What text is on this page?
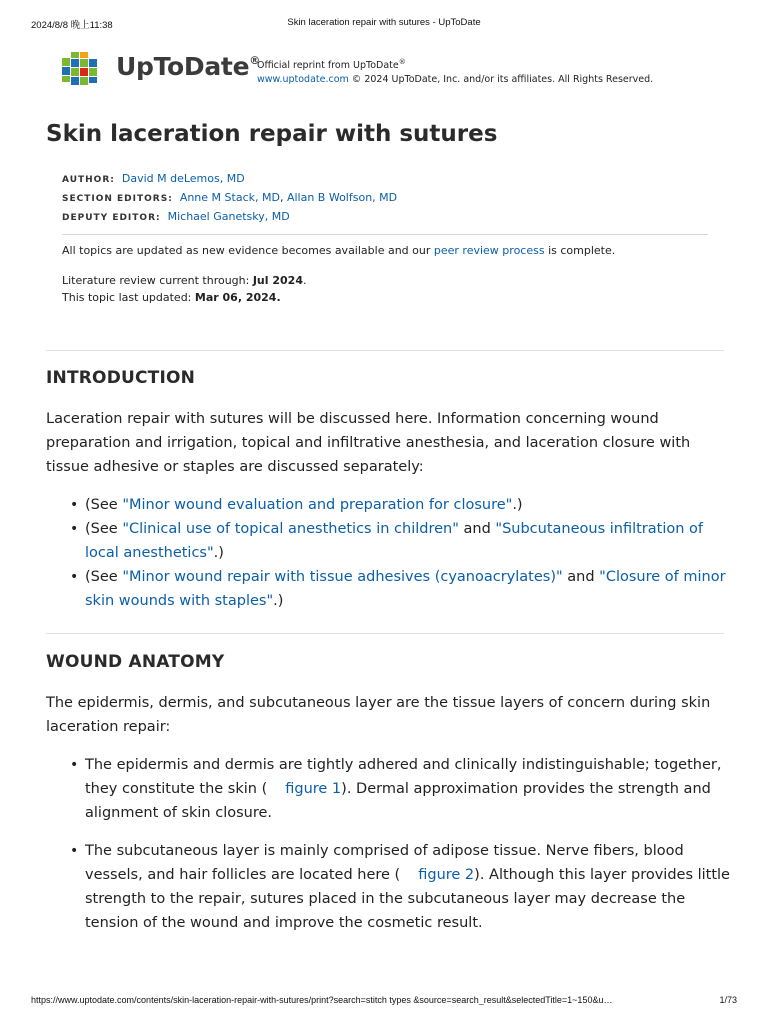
2024/8/8 晚上11:38	Skin laceration repair with sutures - UpToDate
UpToDate®
Official reprint from UpToDate®
www.uptodate.com © 2024 UpToDate, Inc. and/or its affiliates. All Rights Reserved.
Skin laceration repair with sutures
AUTHOR: David M deLemos, MD
SECTION EDITORS: Anne M Stack, MD, Allan B Wolfson, MD
DEPUTY EDITOR: Michael Ganetsky, MD
All topics are updated as new evidence becomes available and our peer review process is complete.
Literature review current through: Jul 2024.
This topic last updated: Mar 06, 2024.
INTRODUCTION

Laceration repair with sutures will be discussed here. Information concerning wound preparation and irrigation, topical and infiltrative anesthesia, and laceration closure with tissue adhesive or staples are discussed separately:

• (See "Minor wound evaluation and preparation for closure".)
• (See "Clinical use of topical anesthetics in children" and "Subcutaneous infiltration of local anesthetics".)
• (See "Minor wound repair with tissue adhesives (cyanoacrylates)" and "Closure of minor skin wounds with staples".)
WOUND ANATOMY

The epidermis, dermis, and subcutaneous layer are the tissue layers of concern during skin laceration repair:

• The epidermis and dermis are tightly adhered and clinically indistinguishable; together, they constitute the skin ( figure 1). Dermal approximation provides the strength and alignment of skin closure.
• The subcutaneous layer is mainly comprised of adipose tissue. Nerve fibers, blood vessels, and hair follicles are located here ( figure 2). Although this layer provides little strength to the repair, sutures placed in the subcutaneous layer may decrease the tension of the wound and improve the cosmetic result.
https://www.uptodate.com/contents/skin-laceration-repair-with-sutures/print?search=stitch types &source=search_result&selectedTitle=1~150&u…	1/73
